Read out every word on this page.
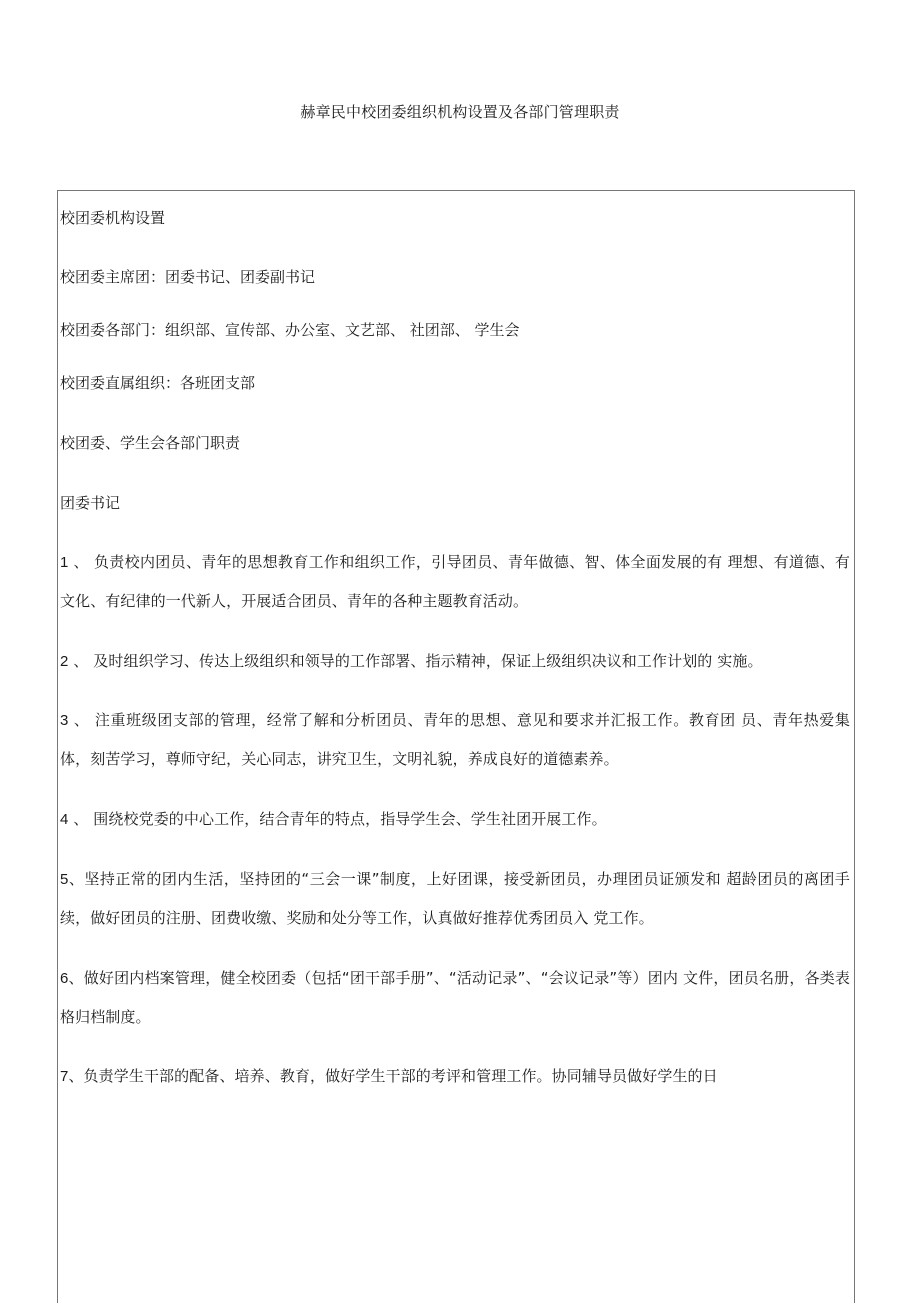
赫章民中校团委组织机构设置及各部门管理职责

校团委机构设置

校团委主席团：团委书记、团委副书记

校团委各部门：组织部、宣传部、办公室、文艺部、 社团部、 学生会

校团委直属组织：各班团支部

校团委、学生会各部门职责

团委书记

1 、 负责校内团员、青年的思想教育工作和组织工作，引导团员、青年做德、智、体全面发展的有 理想、有道德、有文化、有纪律的一代新人，开展适合团员、青年的各种主题教育活动。

2 、 及时组织学习、传达上级组织和领导的工作部署、指示精神，保证上级组织决议和工作计划的 实施。

3 、 注重班级团支部的管理，经常了解和分析团员、青年的思想、意见和要求并汇报工作。教育团 员、青年热爱集体，刻苦学习，尊师守纪，关心同志，讲究卫生，文明礼貌，养成良好的道德素养。

4 、 围绕校党委的中心工作，结合青年的特点，指导学生会、学生社团开展工作。

5、坚持正常的团内生活，坚持团的“三会一课”制度，上好团课，接受新团员，办理团员证颁发和 超龄团员的离团手续，做好团员的注册、团费收缴、奖励和处分等工作，认真做好推荐优秀团员入 党工作。

6、做好团内档案管理，健全校团委（包括“团干部手册”、“活动记录”、“会议记录”等）团内 文件，团员名册，各类表格归档制度。

7、负责学生干部的配备、培养、教育，做好学生干部的考评和管理工作。协同辅导员做好学生的日
